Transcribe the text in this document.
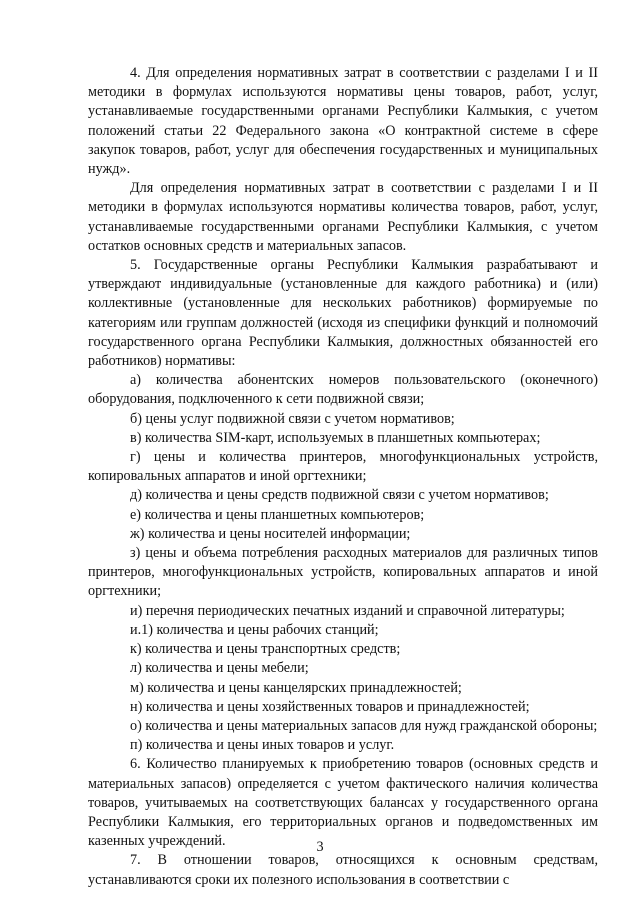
4. Для определения нормативных затрат в соответствии с разделами I и II методики в формулах используются нормативы цены товаров, работ, услуг, устанавливаемые государственными органами Республики Калмыкия, с учетом положений статьи 22 Федерального закона «О контрактной системе в сфере закупок товаров, работ, услуг для обеспечения государственных и муниципальных нужд».

Для определения нормативных затрат в соответствии с разделами I и II методики в формулах используются нормативы количества товаров, работ, услуг, устанавливаемые государственными органами Республики Калмыкия, с учетом остатков основных средств и материальных запасов.

5. Государственные органы Республики Калмыкия разрабатывают и утверждают индивидуальные (установленные для каждого работника) и (или) коллективные (установленные для нескольких работников) формируемые по категориям или группам должностей (исходя из специфики функций и полномочий государственного органа Республики Калмыкия, должностных обязанностей его работников) нормативы:

а) количества абонентских номеров пользовательского (оконечного) оборудования, подключенного к сети подвижной связи;

б) цены услуг подвижной связи с учетом нормативов;

в) количества SIM-карт, используемых в планшетных компьютерах;

г) цены и количества принтеров, многофункциональных устройств, копировальных аппаратов и иной оргтехники;

д) количества и цены средств подвижной связи с учетом нормативов;

е) количества и цены планшетных компьютеров;

ж) количества и цены носителей информации;

з) цены и объема потребления расходных материалов для различных типов принтеров, многофункциональных устройств, копировальных аппаратов и иной оргтехники;

и) перечня периодических печатных изданий и справочной литературы;

и.1) количества и цены рабочих станций;

к) количества и цены транспортных средств;

л) количества и цены мебели;

м) количества и цены канцелярских принадлежностей;

н) количества и цены хозяйственных товаров и принадлежностей;

о) количества и цены материальных запасов для нужд гражданской обороны;

п) количества и цены иных товаров и услуг.

6. Количество планируемых к приобретению товаров (основных средств и материальных запасов) определяется с учетом фактического наличия количества товаров, учитываемых на соответствующих балансах у государственного органа Республики Калмыкия, его территориальных органов и подведомственных им казенных учреждений.

7. В отношении товаров, относящихся к основным средствам, устанавливаются сроки их полезного использования в соответствии с

3
